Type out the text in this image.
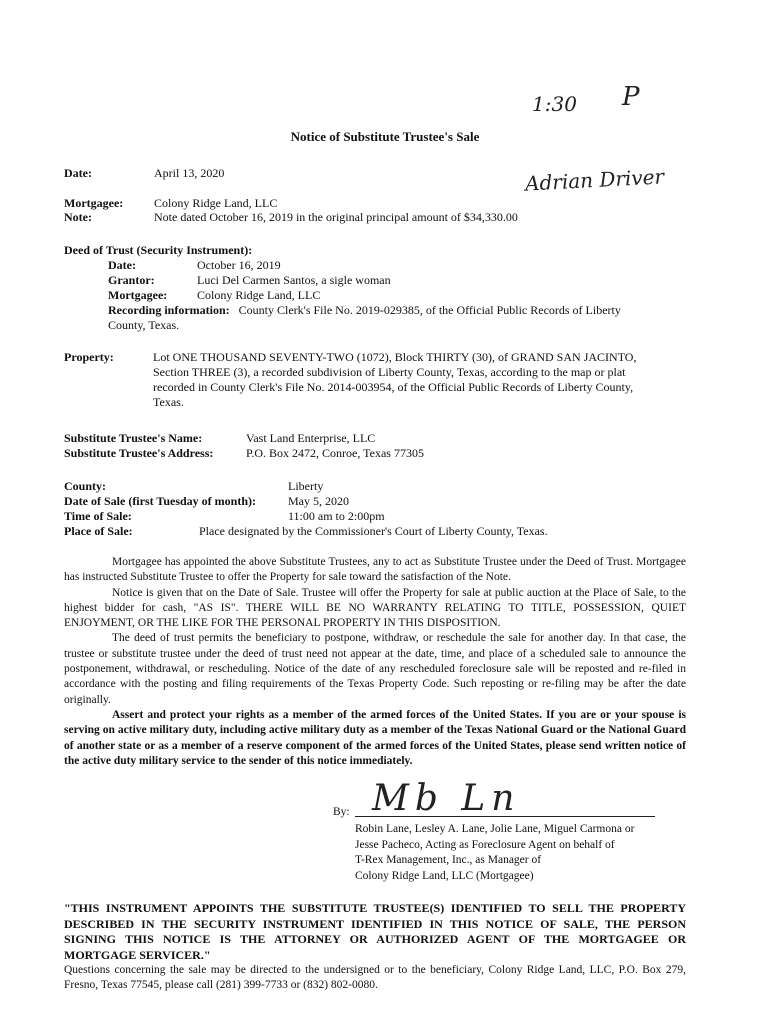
1:30 P
Adrian Driver
Notice of Substitute Trustee's Sale
Date:	April 13, 2020
Mortgagee:	Colony Ridge Land, LLC
Note:	Note dated October 16, 2019 in the original principal amount of $34,330.00
Deed of Trust (Security Instrument):
Date:	October 16, 2019
Grantor:	Luci Del Carmen Santos, a sigle woman
Mortgagee: Colony Ridge Land, LLC
Recording information: County Clerk's File No. 2019-029385, of the Official Public Records of Liberty
County, Texas.
Property:	Lot ONE THOUSAND SEVENTY-TWO (1072), Block THIRTY (30), of GRAND SAN JACINTO,
Section THREE (3), a recorded subdivision of Liberty County, Texas, according to the map or plat
recorded in County Clerk's File No. 2014-003954, of the Official Public Records of Liberty County,
Texas.
Substitute Trustee's Name:	Vast Land Enterprise, LLC
Substitute Trustee's Address:	P.O. Box 2472, Conroe, Texas 77305
County:	Liberty
Date of Sale (first Tuesday of month):	May 5, 2020
Time of Sale:	11:00 am to 2:00pm
Place of Sale:	Place designated by the Commissioner's Court of Liberty County, Texas.

Mortgagee has appointed the above Substitute Trustees, any to act as Substitute Trustee under the Deed of Trust. Mortgagee has instructed Substitute Trustee to offer the Property for sale toward the satisfaction of the Note.

Notice is given that on the Date of Sale. Trustee will offer the Property for sale at public auction at the Place of Sale, to the highest bidder for cash, "AS IS". THERE WILL BE NO WARRANTY RELATING TO TITLE, POSSESSION, QUIET ENJOYMENT, OR THE LIKE FOR THE PERSONAL PROPERTY IN THIS DISPOSITION.

The deed of trust permits the beneficiary to postpone, withdraw, or reschedule the sale for another day. In that case, the trustee or substitute trustee under the deed of trust need not appear at the date, time, and place of a scheduled sale to announce the postponement, withdrawal, or rescheduling. Notice of the date of any rescheduled foreclosure sale will be reposted and re-filed in accordance with the posting and filing requirements of the Texas Property Code. Such reposting or re-filing may be after the date originally.

Assert and protect your rights as a member of the armed forces of the United States. If you are or your spouse is serving on active military duty, including active military duty as a member of the Texas National Guard or the National Guard of another state or as a member of a reserve component of the armed forces of the United States, please send written notice of the active duty military service to the sender of this notice immediately.

By: Mb Ln
Robin Lane, Lesley A. Lane, Jolie Lane, Miguel Carmona or
Jesse Pacheco, Acting as Foreclosure Agent on behalf of
T-Rex Management, Inc., as Manager of
Colony Ridge Land, LLC (Mortgagee)
"THIS INSTRUMENT APPOINTS THE SUBSTITUTE TRUSTEE(S) IDENTIFIED TO SELL THE PROPERTY DESCRIBED IN THE SECURITY INSTRUMENT IDENTIFIED IN THIS NOTICE OF SALE, THE PERSON SIGNING THIS NOTICE IS THE ATTORNEY OR AUTHORIZED AGENT OF THE MORTGAGEE OR MORTGAGE SERVICER."
Questions concerning the sale may be directed to the undersigned or to the beneficiary, Colony Ridge Land, LLC, P.O. Box 279, Fresno, Texas 77545, please call (281) 399-7733 or (832) 802-0080.
